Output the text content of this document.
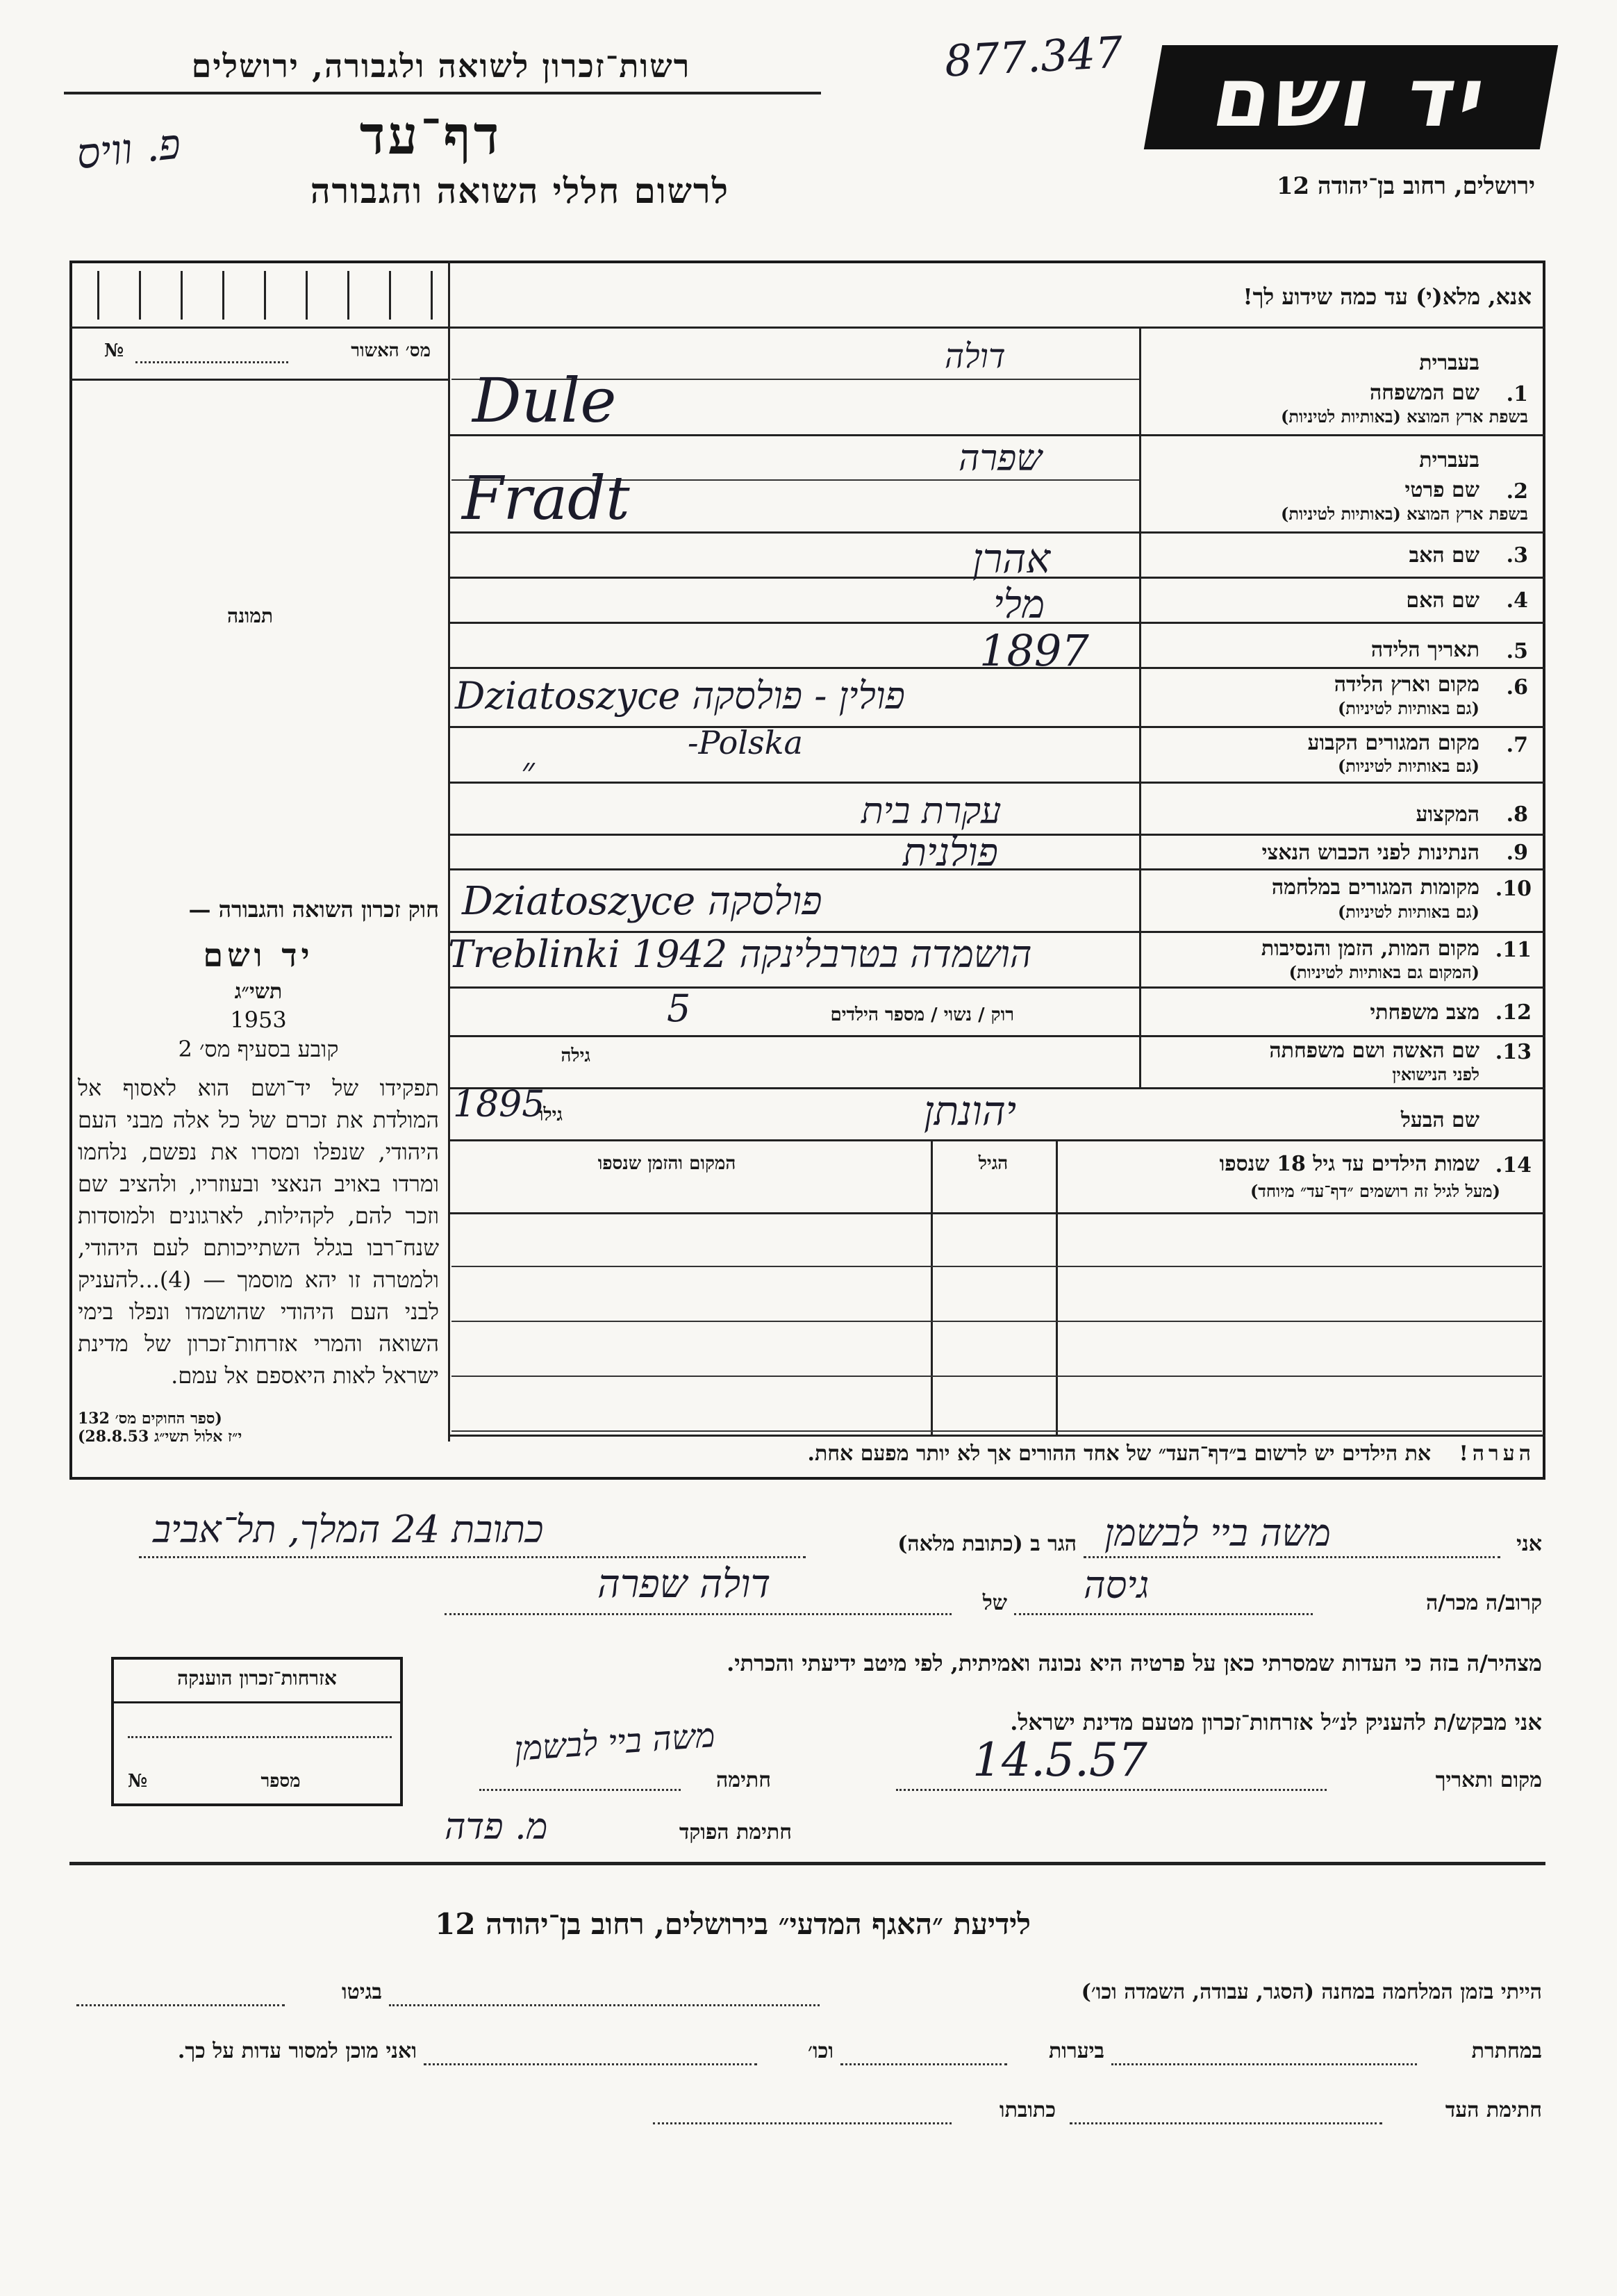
רשות־זכרון לשואה ולגבורה, ירושלים
דף־עד
פ. וויס
לרשום חללי השואה והגבורה
877.347	יד ושם
ירושלים, רחוב בן־יהודה 12
אנא, מלא(י) עד כמה שידוע לך!
מס׳ האשור
№
תמונה

חוק זכרון השואה והגבורה —

יד ושם

תשי״ג

1953

קובע בסעיף מס׳ 2

תפקידו של יד־ושם הוא לאסוף אל המולדת את זכרם של כל אלה מבני העם היהודי, שנפלו ומסרו את נפשם, נלחמו ומרדו באויב הנאצי ובעוזריו, ולהציב שם וזכר להם, לקהילות, לארגונים ולמוסדות שנח־רבו בגלל השתייכותם לעם היהודי, ולמטרה זו יהא מוסמך — (4)...להעניק לבני העם היהודי שהושמדו ונפלו בימי השואה והמרי אזרחות־זכרון של מדינת ישראל לאות היאספם אל עמם.

(ספר החוקים מס׳ 132

י״ז אלול תשי״ג 28.8.53)

בעברית
1.
שם המשפחה
בשפת ארץ המוצא (באותיות לטיניות)
בעברית
2.
שם פרטי
בשפת ארץ המוצא (באותיות לטיניות)
3.
שם האב
4.
שם האם
5.
תאריך הלידה
6.
מקום וארץ הלידה
(גם באותיות לטיניות)
7.
מקום המגורים הקבוע
(גם באותיות לטיניות)
8.
המקצוע
9.
הנתינות לפני הכבוש הנאצי
10.
מקומות המגורים במלחמה
(גם באותיות לטיניות)
11.
מקום המות, הזמן והנסיבות
(המקום גם באותיות לטיניות)
12.
מצב משפחתי
רוק / נשוי / מספר הילדים
13.
שם האשה ושם משפחתה
לפני הנישואין
גילה
שם הבעל
גילו
14.
שמות הילדים עד גיל 18 שנספו
(מעל לגיל זה רושמים ״דף־עד״ מיוחד)
הגיל
המקום והזמן שנספו
הערה! את הילדים יש לרשום ב״דף־העד״ של אחד ההורים אך לא יותר מפעם אחת.
דולה
Dule
שפרה
Fradt
אהרן
מלי
1897
Dziatoszyce פולין - פולסקה
-Polska
״
עקרת בית
פולנית
Dziatoszyce פולסקה
Treblinki 1942 הושמדה בטרבלינקה
5
יהונתן
1895
אני
משה ביי לבשמן
הגר ב (כתובת מלאה)
כתובת 24 המלך, תל־אביב
קרוב/ה מכר/ה
גיסה
של
דולה שפרה
מצהיר/ה בזה כי העדות שמסרתי כאן על פרטיה היא נכונה ואמיתית, לפי מיטב ידיעתי והכרתי.
אני מבקש/ת להעניק לנ״ל אזרחות־זכרון מטעם מדינת ישראל.
מקום ותאריך
14.5.57
חתימה
משה ביי לבשמן
חתימת הפוקד
מ. פדה
אזרחות־זכרון הוענקה
מספר
№
לידיעת ״האגף המדעי״ בירושלים, רחוב בן־יהודה 12
הייתי בזמן המלחמה במחנה (הסגר, עבודה, השמדה וכו׳)
בגיטו
במחתרת
ביערות
וכו׳
ואני מוכן למסור עדות על כך.
חתימת העד
כתובתו
